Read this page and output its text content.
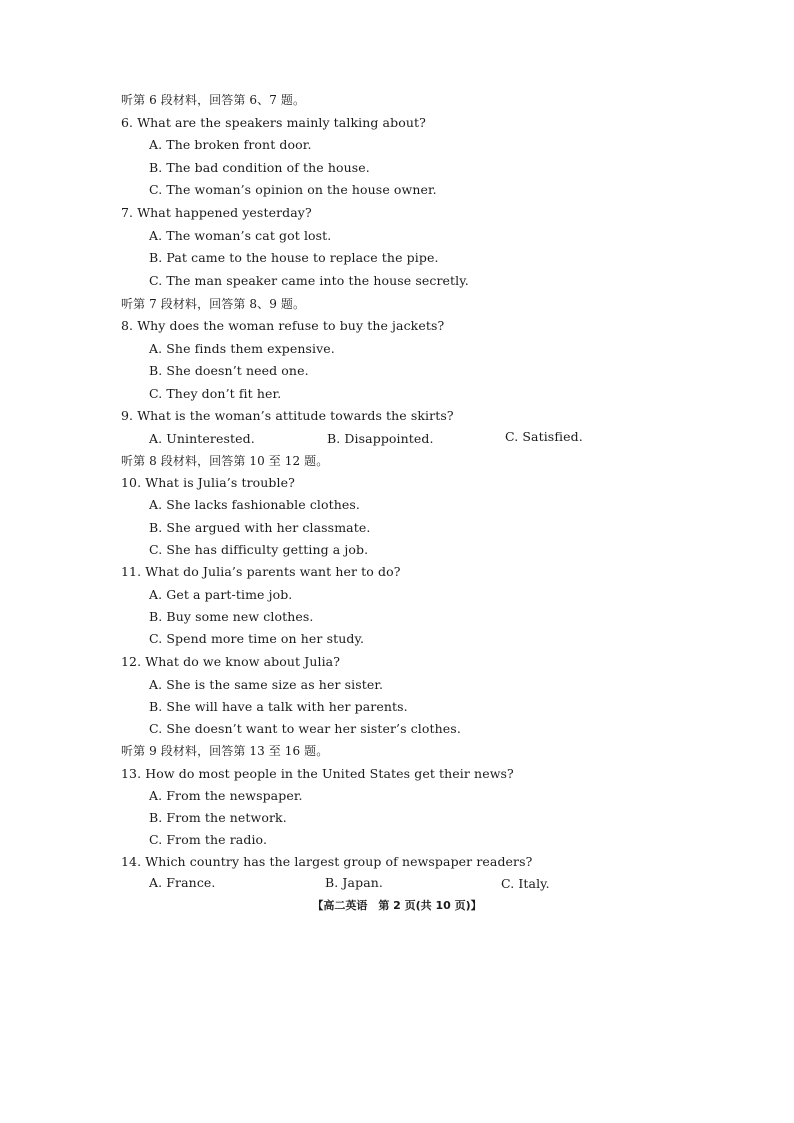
听第 6 段材料，回答第 6、7 题。
6. What are the speakers mainly talking about?
A. The broken front door.
B. The bad condition of the house.
C. The woman’s opinion on the house owner.
7. What happened yesterday?
A. The woman’s cat got lost.
B. Pat came to the house to replace the pipe.
C. The man speaker came into the house secretly.
听第 7 段材料，回答第 8、9 题。
8. Why does the woman refuse to buy the jackets?
A. She finds them expensive.
B. She doesn’t need one.
C. They don’t fit her.
9. What is the woman’s attitude towards the skirts?
A. Uninterested.	B. Disappointed.	C. Satisfied.
听第 8 段材料，回答第 10 至 12 题。
10. What is Julia’s trouble?
A. She lacks fashionable clothes.
B. She argued with her classmate.
C. She has difficulty getting a job.
11. What do Julia’s parents want her to do?
A. Get a part-time job.
B. Buy some new clothes.
C. Spend more time on her study.
12. What do we know about Julia?
A. She is the same size as her sister.
B. She will have a talk with her parents.
C. She doesn’t want to wear her sister’s clothes.
听第 9 段材料，回答第 13 至 16 题。
13. How do most people in the United States get their news?
A. From the newspaper.
B. From the network.
C. From the radio.
14. Which country has the largest group of newspaper readers?
A. France.	B. Japan.	C. Italy.
【高二英语　第 2 页(共 10 页)】
